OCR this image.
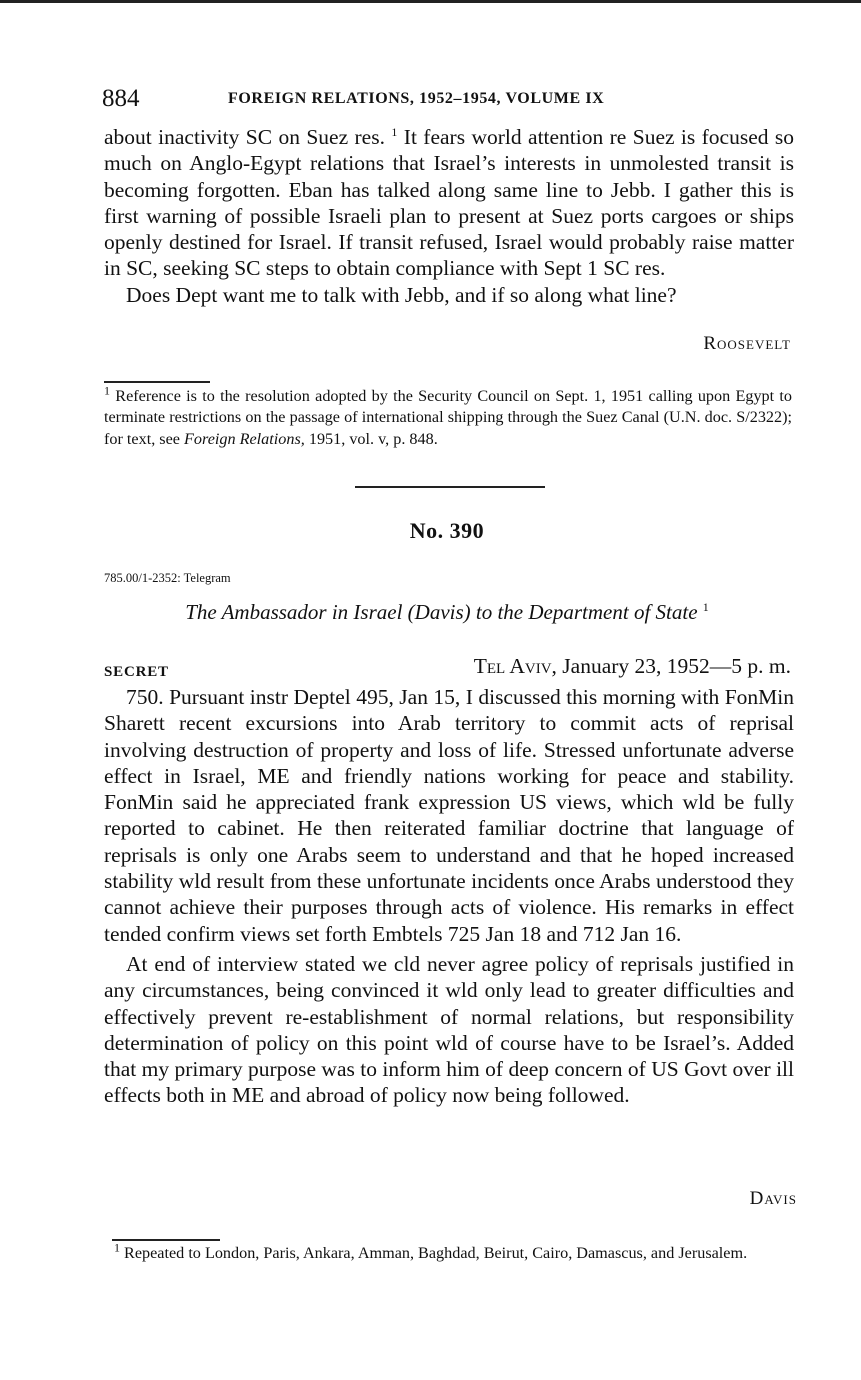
884	FOREIGN RELATIONS, 1952–1954, VOLUME IX

about inactivity SC on Suez res. $^1$ It fears world attention re Suez is focused so much on Anglo-Egypt relations that Israel’s interests in unmolested transit is becoming forgotten. Eban has talked along same line to Jebb. I gather this is first warning of possible Israeli plan to present at Suez ports cargoes or ships openly destined for Israel. If transit refused, Israel would probably raise matter in SC, seeking SC steps to obtain compliance with Sept 1 SC res.

Does Dept want me to talk with Jebb, and if so along what line?

Roosevelt

$^1$ Reference is to the resolution adopted by the Security Council on Sept. 1, 1951 calling upon Egypt to terminate restrictions on the passage of international shipping through the Suez Canal (U.N. doc. S/2322); for text, see Foreign Relations, 1951, vol. v, p. 848.

No. 390
785.00/1-2352: Telegram
The Ambassador in Israel (Davis) to the Department of State $^1$
SECRET	Tel Aviv, January 23, 1952—5 p. m.

750. Pursuant instr Deptel 495, Jan 15, I discussed this morning with FonMin Sharett recent excursions into Arab territory to commit acts of reprisal involving destruction of property and loss of life. Stressed unfortunate adverse effect in Israel, ME and friendly nations working for peace and stability. FonMin said he appreciated frank expression US views, which wld be fully reported to cabinet. He then reiterated familiar doctrine that language of reprisals is only one Arabs seem to understand and that he hoped increased stability wld result from these unfortunate incidents once Arabs understood they cannot achieve their purposes through acts of violence. His remarks in effect tended confirm views set forth Embtels 725 Jan 18 and 712 Jan 16.

At end of interview stated we cld never agree policy of reprisals justified in any circumstances, being convinced it wld only lead to greater difficulties and effectively prevent re-establishment of normal relations, but responsibility determination of policy on this point wld of course have to be Israel’s. Added that my primary purpose was to inform him of deep concern of US Govt over ill effects both in ME and abroad of policy now being followed.

Davis

$^1$ Repeated to London, Paris, Ankara, Amman, Baghdad, Beirut, Cairo, Damascus, and Jerusalem.
